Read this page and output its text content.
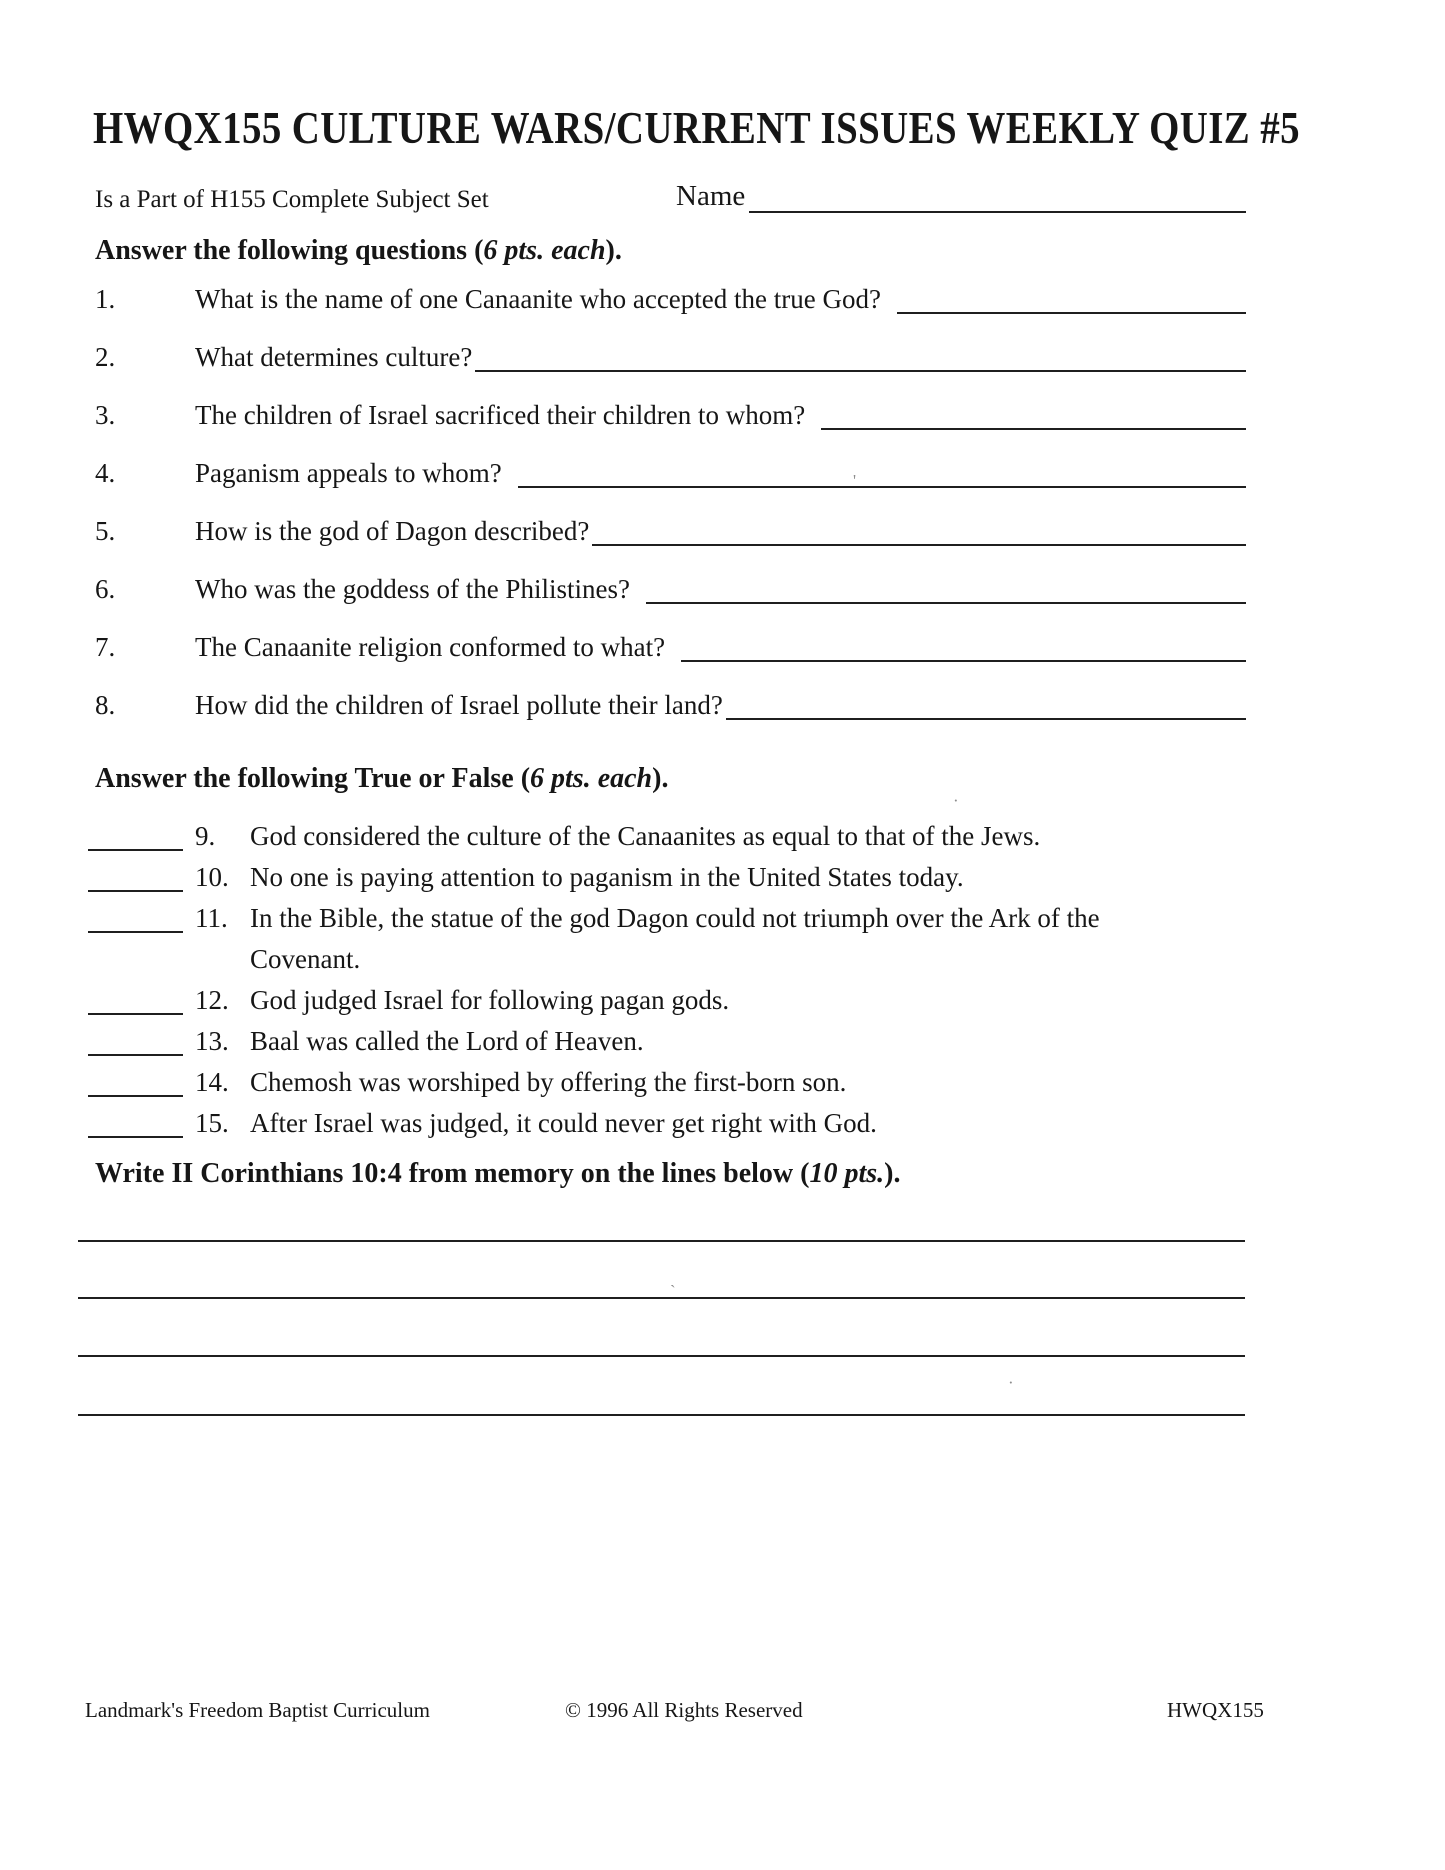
HWQX155 CULTURE WARS/CURRENT ISSUES WEEKLY QUIZ #5
Is a Part of H155 Complete Subject Set	Name
Answer the following questions (6 pts. each).
1.	What is the name of one Canaanite who accepted the true God?
2.	What determines culture?
3.	The children of Israel sacrificed their children to whom?
4.	Paganism appeals to whom?
5.	How is the god of Dagon described?
6.	Who was the goddess of the Philistines?
7.	The Canaanite religion conformed to what?
8.	How did the children of Israel pollute their land?
Answer the following True or False (6 pts. each).
9.	God considered the culture of the Canaanites as equal to that of the Jews.
10. No one is paying attention to paganism in the United States today.
11. In the Bible, the statue of the god Dagon could not triumph over the Ark of the
Covenant.
12. God judged Israel for following pagan gods.
13. Baal was called the Lord of Heaven.
14. Chemosh was worshiped by offering the first-born son.
15. After Israel was judged, it could never get right with God.
Write II Corinthians 10:4 from memory on the lines below (10 pts.).
Landmark's Freedom Baptist Curriculum	© 1996 All Rights Reserved	HWQX155
'
·
`
·
